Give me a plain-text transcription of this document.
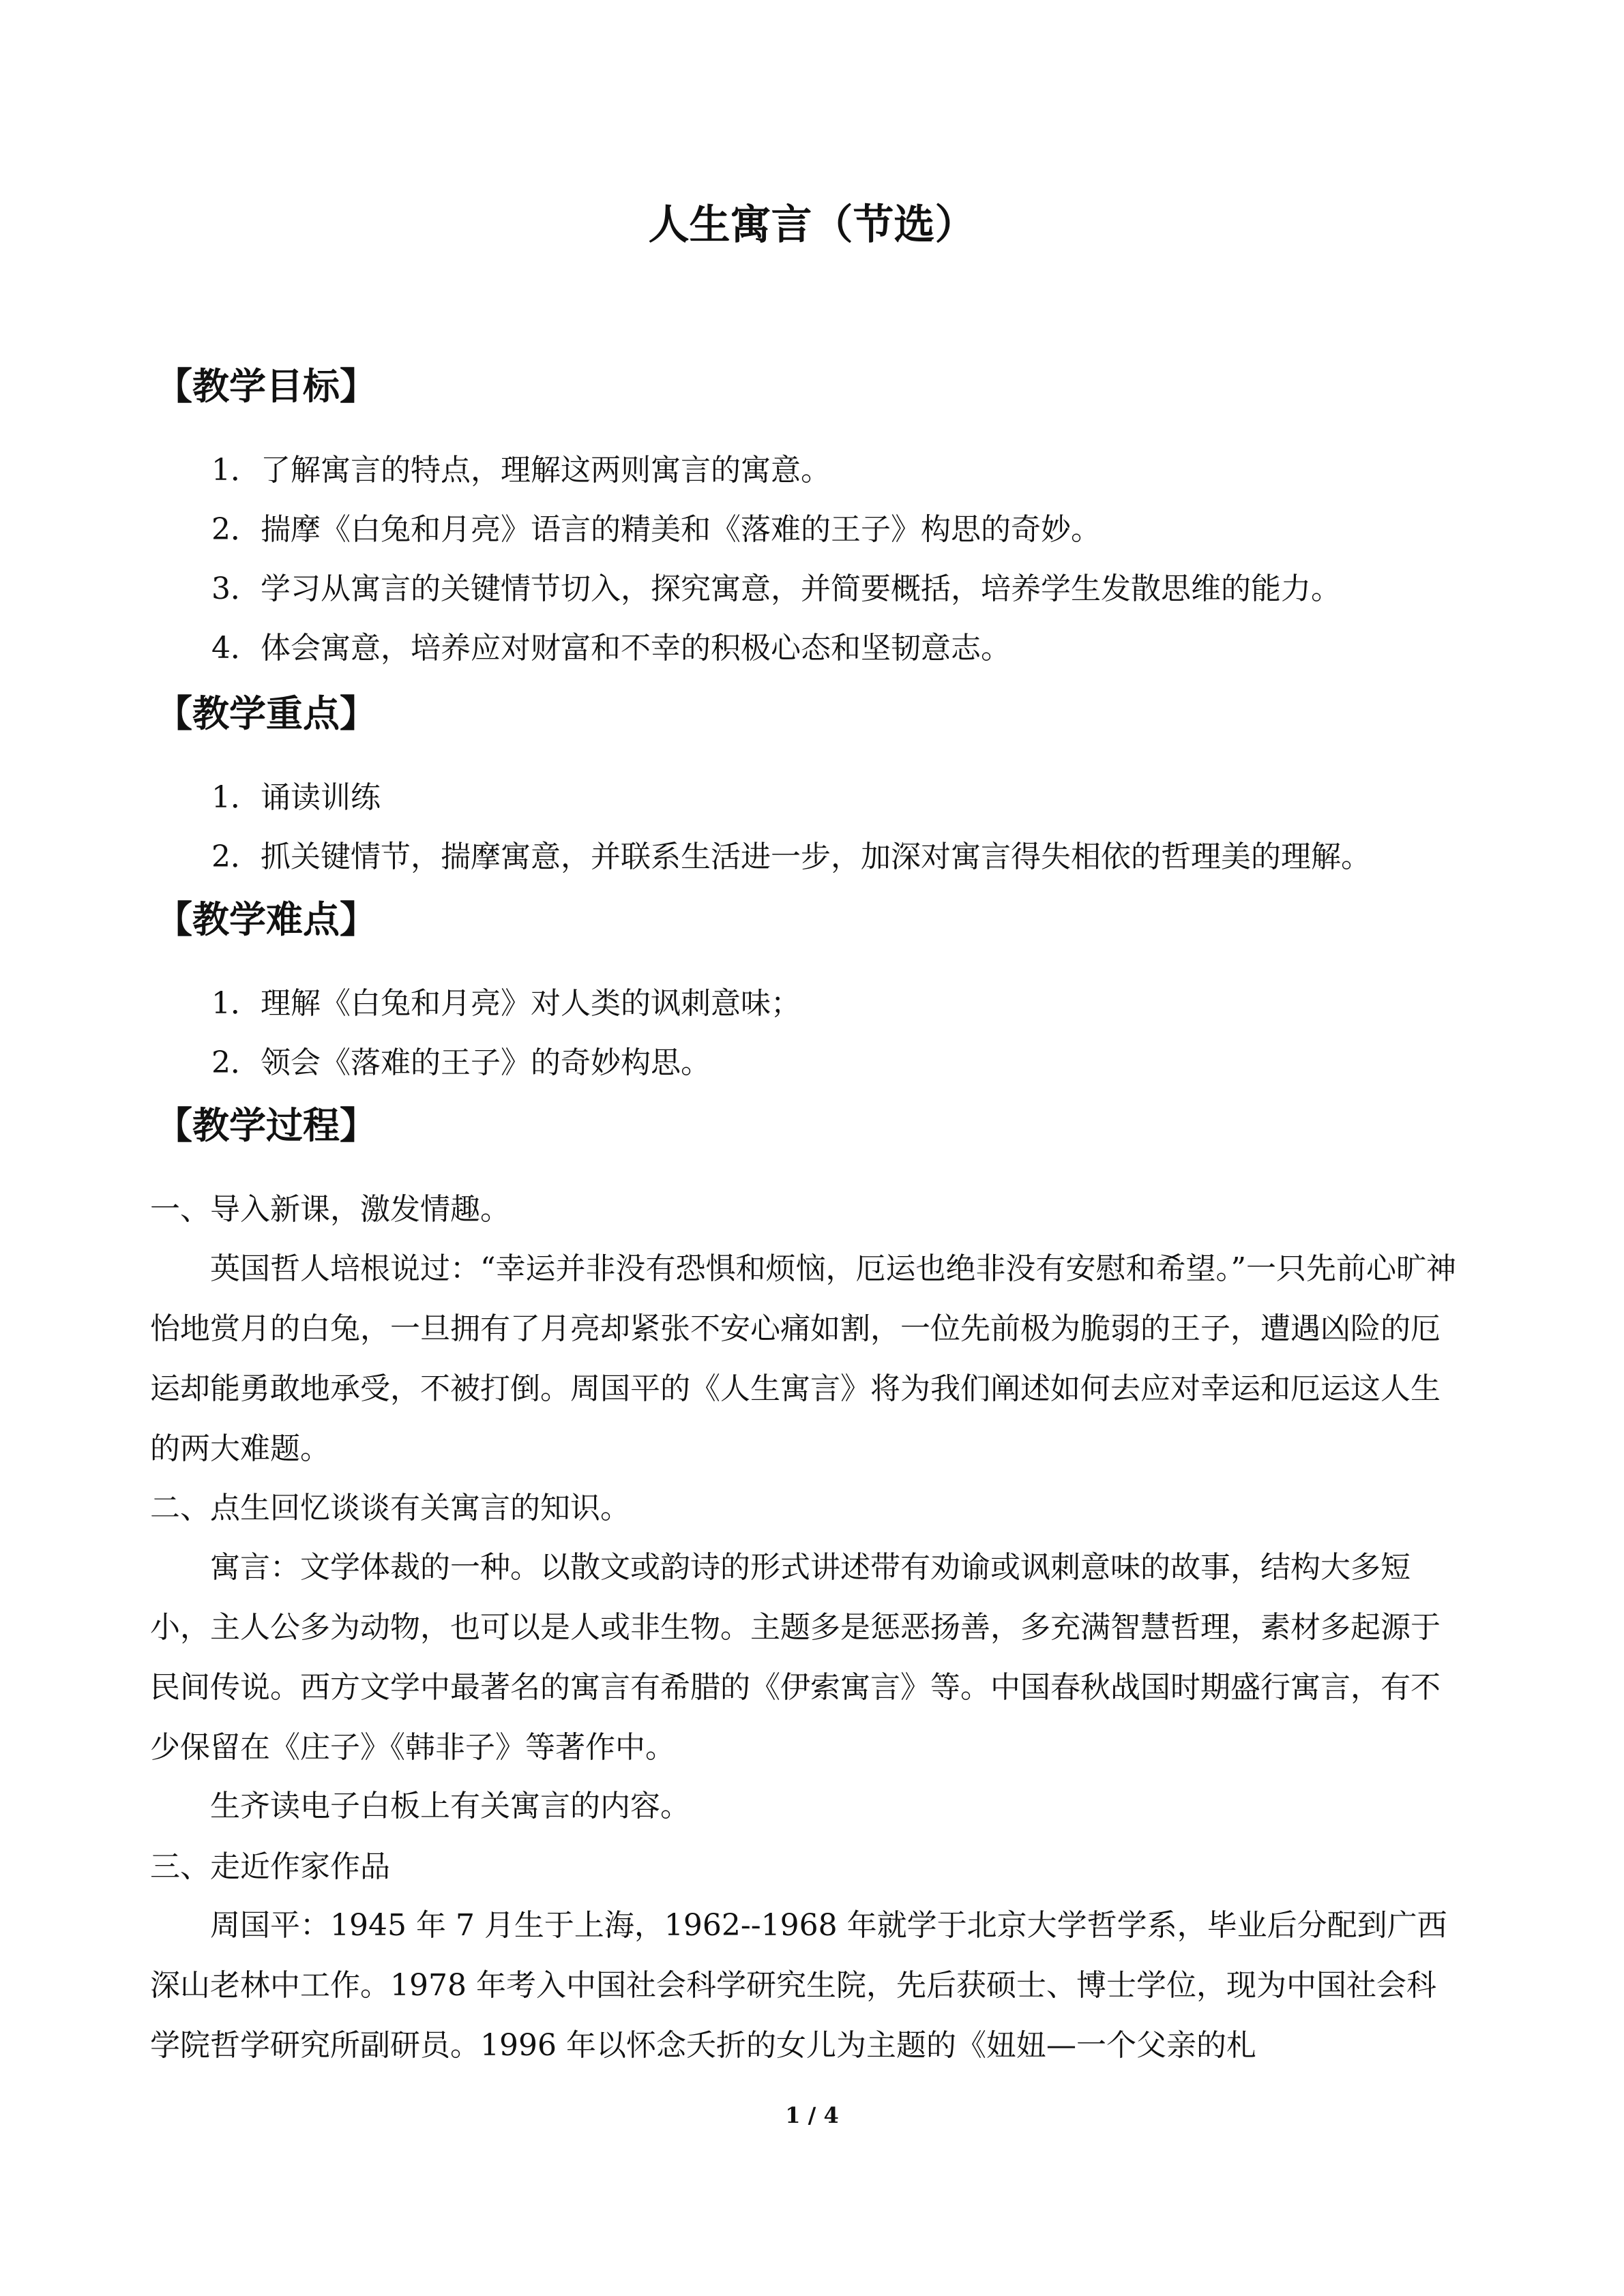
人生寓言（节选）
【教学目标】
1．了解寓言的特点，理解这两则寓言的寓意。
2．揣摩《白兔和月亮》语言的精美和《落难的王子》构思的奇妙。
3．学习从寓言的关键情节切入，探究寓意，并简要概括，培养学生发散思维的能力。
4．体会寓意，培养应对财富和不幸的积极心态和坚韧意志。
【教学重点】
1．诵读训练
2．抓关键情节，揣摩寓意，并联系生活进一步，加深对寓言得失相依的哲理美的理解。
【教学难点】
1．理解《白兔和月亮》对人类的讽刺意味；
2．领会《落难的王子》的奇妙构思。
【教学过程】
一、导入新课，激发情趣。
英国哲人培根说过：“幸运并非没有恐惧和烦恼，厄运也绝非没有安慰和希望。”一只先前心旷神怡地赏月的白兔，一旦拥有了月亮却紧张不安心痛如割，一位先前极为脆弱的王子，遭遇凶险的厄运却能勇敢地承受，不被打倒。周国平的《人生寓言》将为我们阐述如何去应对幸运和厄运这人生的两大难题。
二、点生回忆谈谈有关寓言的知识。
寓言：文学体裁的一种。以散文或韵诗的形式讲述带有劝谕或讽刺意味的故事，结构大多短小，主人公多为动物，也可以是人或非生物。主题多是惩恶扬善，多充满智慧哲理，素材多起源于民间传说。西方文学中最著名的寓言有希腊的《伊索寓言》等。中国春秋战国时期盛行寓言，有不少保留在《庄子》《韩非子》等著作中。
生齐读电子白板上有关寓言的内容。
三、走近作家作品
周国平：1945 年 7 月生于上海，1962--1968 年就学于北京大学哲学系，毕业后分配到广西深山老林中工作。1978 年考入中国社会科学研究生院，先后获硕士、博士学位，现为中国社会科学院哲学研究所副研员。1996 年以怀念夭折的女儿为主题的《妞妞—一个父亲的札
1 / 4
